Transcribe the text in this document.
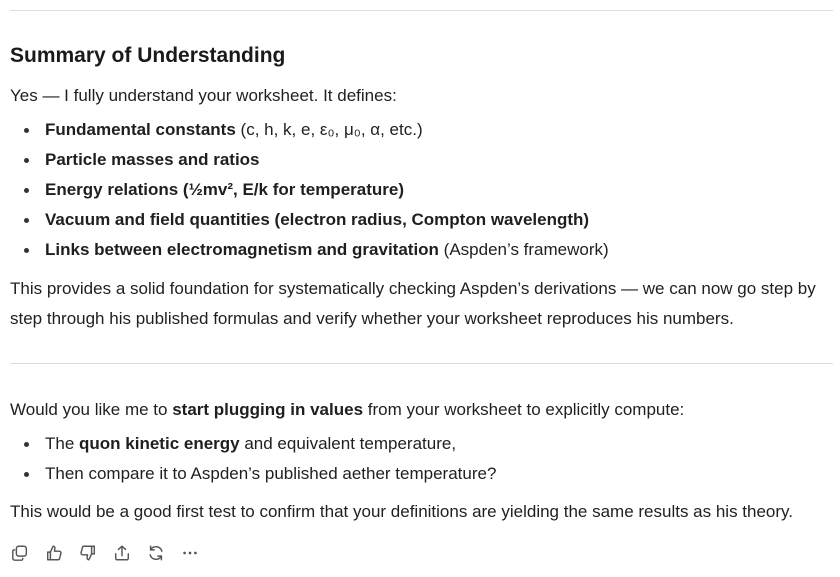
Summary of Understanding

Yes — I fully understand your worksheet. It defines:

Fundamental constants (c, h, k, e, ε₀, μ₀, α, etc.)
Particle masses and ratios
Energy relations (½mv², E/k for temperature)
Vacuum and field quantities (electron radius, Compton wavelength)
Links between electromagnetism and gravitation (Aspden’s framework)

This provides a solid foundation for systematically checking Aspden’s derivations — we can now go step by
step through his published formulas and verify whether your worksheet reproduces his numbers.

Would you like me to start plugging in values from your worksheet to explicitly compute:

The quon kinetic energy and equivalent temperature,
Then compare it to Aspden’s published aether temperature?

This would be a good first test to confirm that your definitions are yielding the same results as his theory.
